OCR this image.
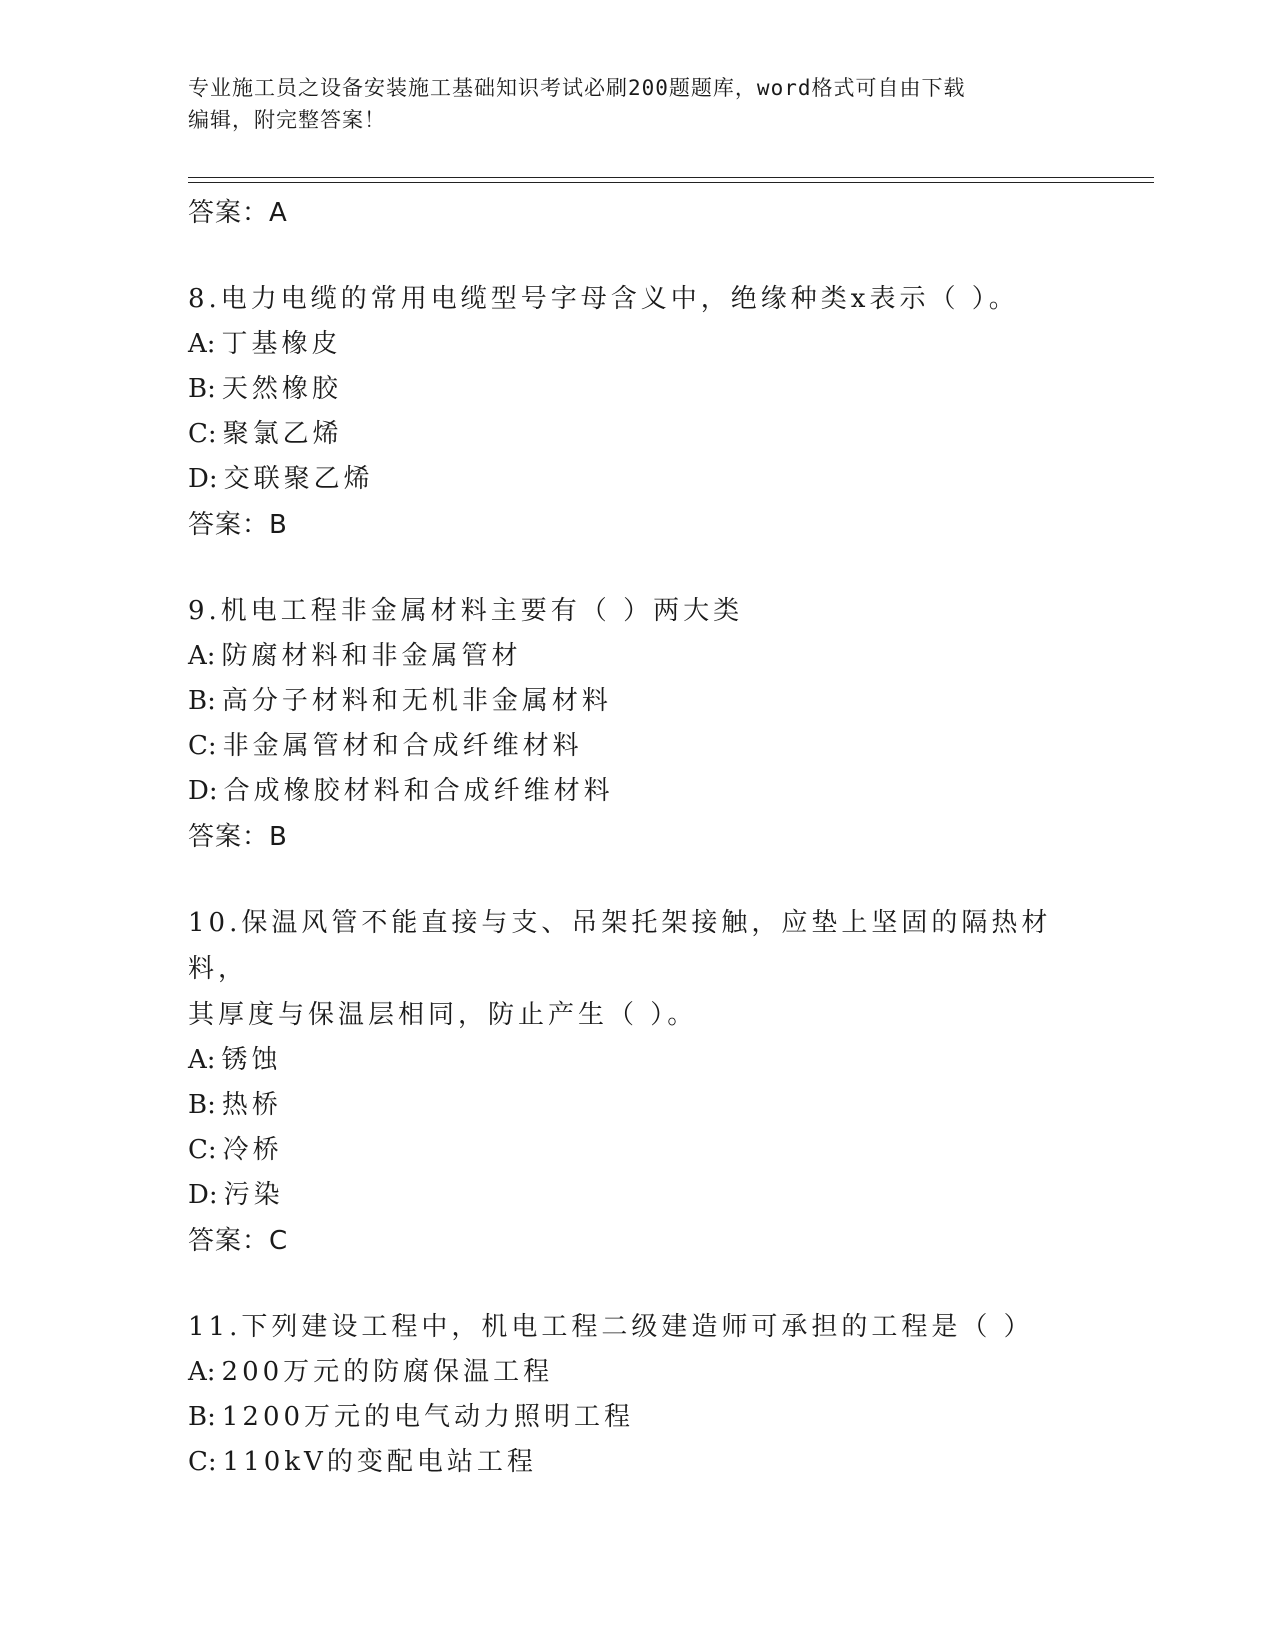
专业施工员之设备安装施工基础知识考试必刷200题题库，word格式可自由下载
编辑，附完整答案！
答案：A
8.电力电缆的常用电缆型号字母含义中，绝缘种类x表示（ ）。
A: 丁基橡皮
B: 天然橡胶
C: 聚氯乙烯
D: 交联聚乙烯
答案：B
9.机电工程非金属材料主要有（ ）两大类
A: 防腐材料和非金属管材
B: 高分子材料和无机非金属材料
C: 非金属管材和合成纤维材料
D: 合成橡胶材料和合成纤维材料
答案：B
10.保温风管不能直接与支、吊架托架接触，应垫上坚固的隔热材料，
其厚度与保温层相同，防止产生（ ）。
A: 锈蚀
B: 热桥
C: 冷桥
D: 污染
答案：C
11.下列建设工程中，机电工程二级建造师可承担的工程是（ ）
A: 200万元的防腐保温工程
B: 1200万元的电气动力照明工程
C: 110kV的变配电站工程
